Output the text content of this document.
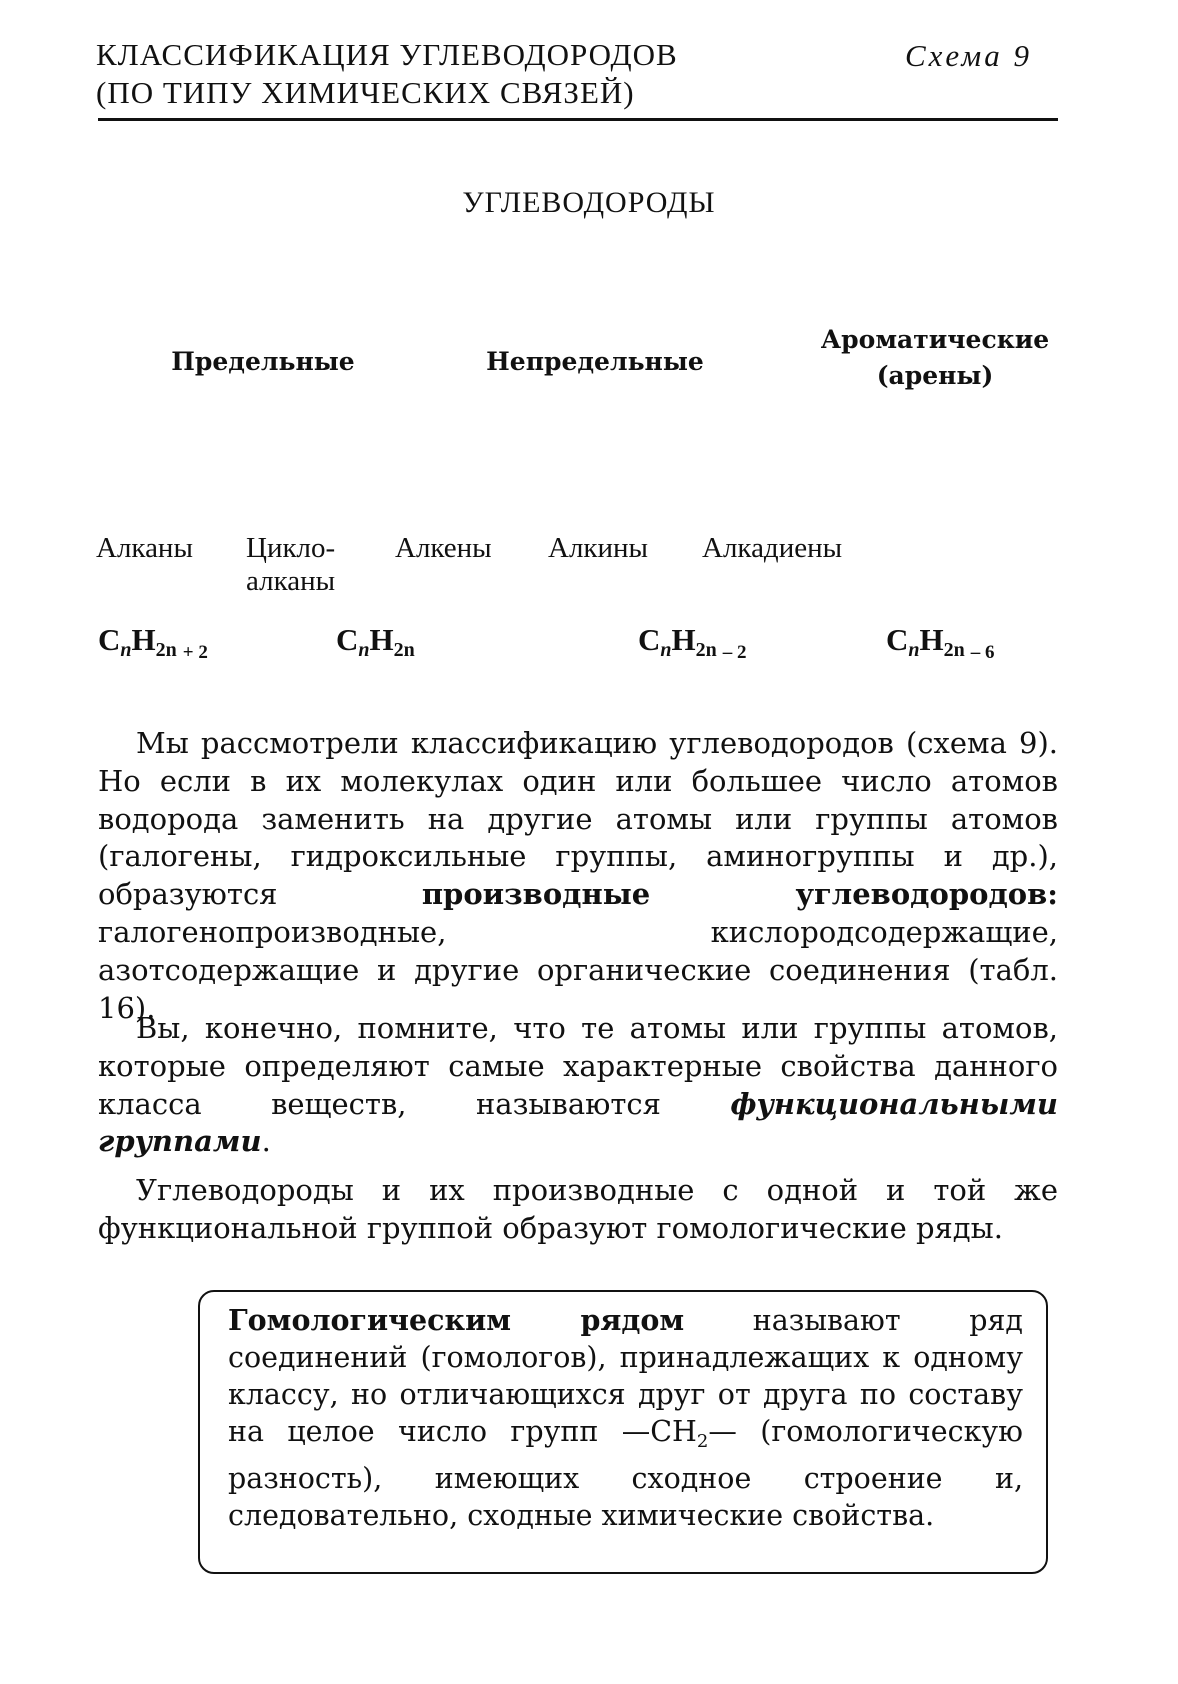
КЛАССИФИКАЦИЯ УГЛЕВОДОРОДОВ
(ПО ТИПУ ХИМИЧЕСКИХ СВЯЗЕЙ)
Схема 9
УГЛЕВОДОРОДЫ
Предельные	Непредельные
Ароматические
(арены)
Алканы Цикло-
алканы
Алкены Алкины Алкадиены
CnH2n $_{+ 2}$	CnH2n	CnH2n $_{- 2}$	CnH2n $_{- 6}$

Мы рассмотрели классификацию углеводородов (схема 9). Но если в их молекулах один или большее число атомов водорода заменить на другие атомы или группы атомов (галогены, гидроксильные группы, аминогруппы и др.), образуются производные углеводородов: галогенопроизводные, кислородсодержащие, азотсодержащие и другие органические соединения (табл. 16).

Вы, конечно, помните, что те атомы или группы атомов, которые определяют самые характерные свойства данного класса веществ, называются функциональными группами.

Углеводороды и их производные с одной и той же функциональной группой образуют гомологические ряды.

Гомологическим рядом называют ряд соединений (гомологов), принадлежащих к одному классу, но отличающихся друг от друга по составу на целое число групп $—CH_2—$ (гомологическую разность), имеющих сходное строение и, следовательно, сходные химические свойства.
